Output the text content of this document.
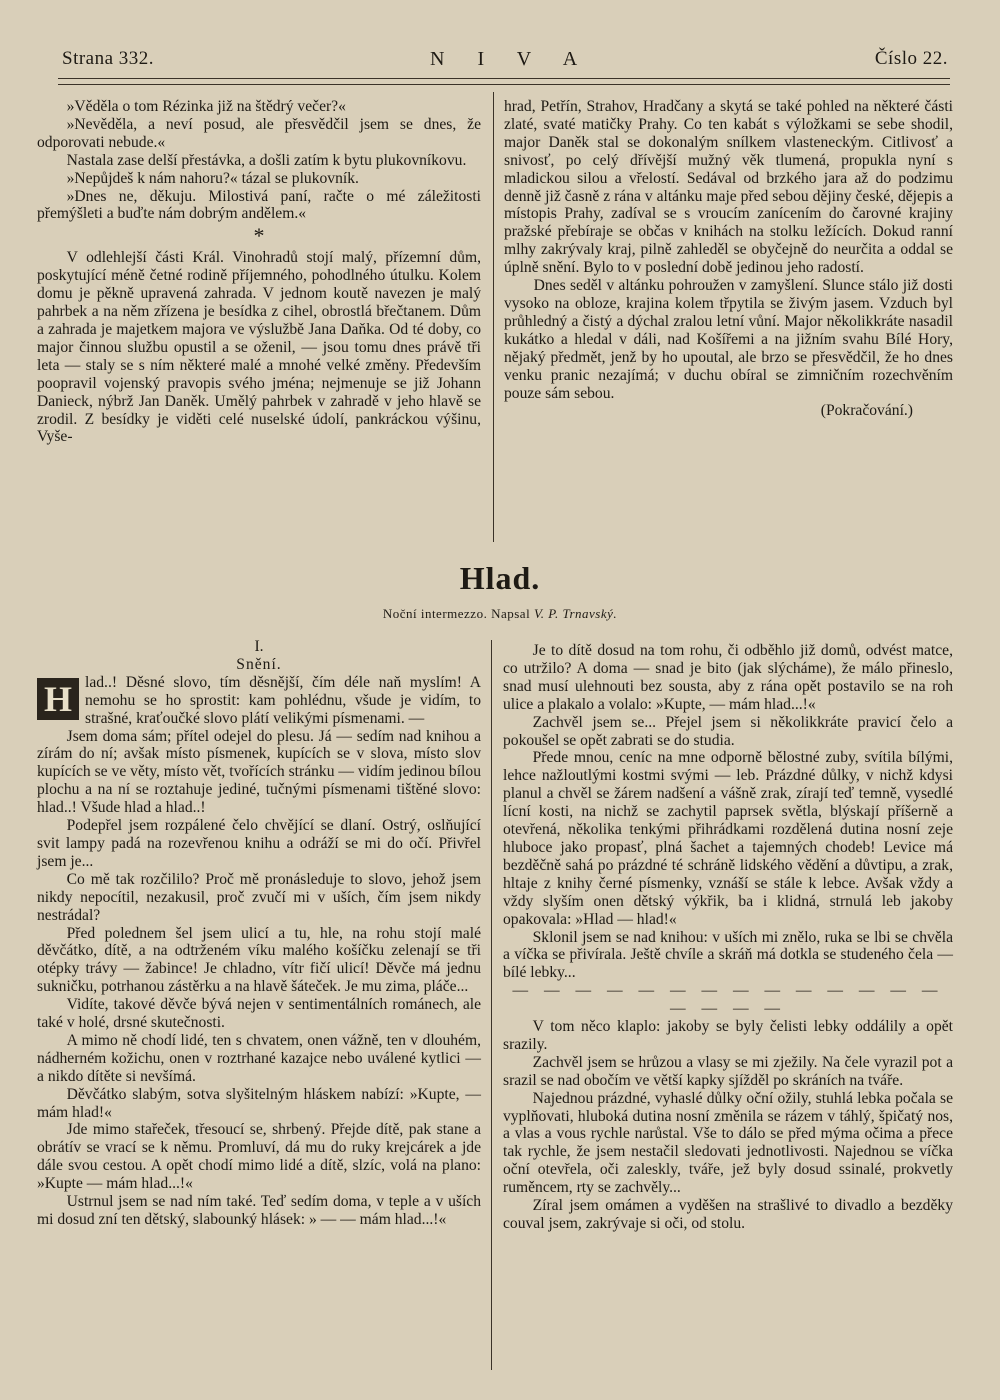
Strana 332.	N I V A	Číslo 22.

»Věděla o tom Rézinka již na štědrý večer?«

»Nevěděla, a neví posud, ale přesvědčil jsem se dnes, že odporovati nebude.«

Nastala zase delší přestávka, a došli zatím k bytu plukovníkovu.

»Nepůjdeš k nám nahoru?« tázal se plukovník.

»Dnes ne, děkuju. Milostivá paní, račte o mé záležitosti přemýšleti a buďte nám dobrým andělem.«

*

V odlehlejší části Král. Vinohradů stojí malý, přízemní dům, poskytující méně četné rodině příjemného, pohodlného útulku. Kolem domu je pěkně upravená zahrada. V jednom koutě navezen je malý pahrbek a na něm zřízena je besídka z cihel, obrostlá břečtanem. Dům a zahrada je majetkem majora ve výslužbě Jana Daňka. Od té doby, co major činnou službu opustil a se oženil, — jsou tomu dnes právě tři leta — staly se s ním některé malé a mnohé velké změny. Především poopravil vojenský pravopis svého jména; nejmenuje se již Johann Danieck, nýbrž Jan Daněk. Umělý pahrbek v zahradě v jeho hlavě se zrodil. Z besídky je viděti celé nuselské údolí, pankráckou výšinu, Vyše-

hrad, Petřín, Strahov, Hradčany a skytá se také pohled na některé části zlaté, svaté matičky Prahy. Co ten kabát s výložkami se sebe shodil, major Daněk stal se dokonalým snílkem vlasteneckým. Citlivosť a snivosť, po celý dřívější mužný věk tlumená, propukla nyní s mladickou silou a vřelostí. Sedával od brzkého jara až do podzimu denně již časně z rána v altánku maje před sebou dějiny české, dějepis a místopis Prahy, zadíval se s vroucím zanícením do čarovné krajiny pražské přebíraje se občas v knihách na stolku ležících. Dokud ranní mlhy zakrývaly kraj, pilně zahleděl se obyčejně do neurčita a oddal se úplně snění. Bylo to v poslední době jedinou jeho radostí.

Dnes seděl v altánku pohroužen v zamyšlení. Slunce stálo již dosti vysoko na obloze, krajina kolem třpytila se živým jasem. Vzduch byl průhledný a čistý a dýchal zralou letní vůní. Major několikkráte nasadil kukátko a hledal v dáli, nad Košířemi a na jižním svahu Bílé Hory, nějaký předmět, jenž by ho upoutal, ale brzo se přesvědčil, že ho dnes venku pranic nezajímá; v duchu obíral se zimničním rozechvěním pouze sám sebou.

(Pokračování.)

Hlad.
Noční intermezzo. Napsal V. P. Trnavský.

I.

Snění.

H lad..! Děsné slovo, tím děsnější, čím déle naň myslím! A nemohu se ho sprostit: kam pohlédnu, všude je vidím, to strašné, kraťoučké slovo plátí velikými písmenami. —

Jsem doma sám; přítel odejel do plesu. Já — sedím nad knihou a zírám do ní; avšak místo písmenek, kupících se v slova, místo slov kupících se ve věty, místo vět, tvořících stránku — vidím jedinou bílou plochu a na ní se roztahuje jediné, tučnými písmenami tištěné slovo: hlad..! Všude hlad a hlad..!

Podepřel jsem rozpálené čelo chvějící se dlaní. Ostrý, oslňující svit lampy padá na rozevřenou knihu a odráží se mi do očí. Přivřel jsem je...

Co mě tak rozčililo? Proč mě pronásleduje to slovo, jehož jsem nikdy nepocítil, nezakusil, proč zvučí mi v uších, čím jsem nikdy nestrádal?

Před polednem šel jsem ulicí a tu, hle, na rohu stojí malé děvčátko, dítě, a na odtrženém víku malého košíčku zelenají se tři otépky trávy — žabince! Je chladno, vítr fičí ulicí! Děvče má jednu sukničku, potrhanou zástěrku a na hlavě šáteček. Je mu zima, pláče...

Vidíte, takové děvče bývá nejen v sentimentálních románech, ale také v holé, drsné skutečnosti.

A mimo ně chodí lidé, ten s chvatem, onen vážně, ten v dlouhém, nádherném kožichu, onen v roztrhané kazajce nebo uválené kytlici — a nikdo dítěte si nevšímá.

Děvčátko slabým, sotva slyšitelným hláskem nabízí: »Kupte, — mám hlad!«

Jde mimo stařeček, třesoucí se, shrbený. Přejde dítě, pak stane a obrátív se vrací se k němu. Promluví, dá mu do ruky krejcárek a jde dále svou cestou. A opět chodí mimo lidé a dítě, slzíc, volá na plano: »Kupte — mám hlad...!«

Ustrnul jsem se nad ním také. Teď sedím doma, v teple a v uších mi dosud zní ten dětský, slabounký hlásek: » — — mám hlad...!«

Je to dítě dosud na tom rohu, či odběhlo již domů, odvést matce, co utržilo? A doma — snad je bito (jak slýcháme), že málo přineslo, snad musí ulehnouti bez sousta, aby z rána opět postavilo se na roh ulice a plakalo a volalo: »Kupte, — mám hlad...!«

Zachvěl jsem se... Přejel jsem si několikkráte pravicí čelo a pokoušel se opět zabrati se do studia.

Přede mnou, ceníc na mne odporně bělostné zuby, svítila bílými, lehce nažloutlými kostmi svými — leb. Prázdné důlky, v nichž kdysi planul a chvěl se žárem nadšení a vášně zrak, zírají teď temně, vysedlé lícní kosti, na nichž se zachytil paprsek světla, blýskají příšerně a otevřená, několika tenkými přihrádkami rozdělená dutina nosní zeje hluboce jako propasť, plná šachet a tajemných chodeb! Levice má bezděčně sahá po prázdné té schráně lidského vědění a důvtipu, a zrak, hltaje z knihy černé písmenky, vznáší se stále k lebce. Avšak vždy a vždy slyším onen dětský výkřik, ba i klidná, strnulá leb jakoby opakovala: »Hlad — hlad!«

Sklonil jsem se nad knihou: v uších mi znělo, ruka se lbi se chvěla a víčka se přivírala. Ještě chvíle a skráň má dotkla se studeného čela — bílé lebky...

— — — — — — — — — — — — — — — — — —

V tom něco klaplo: jakoby se byly čelisti lebky oddálily a opět srazily.

Zachvěl jsem se hrůzou a vlasy se mi zježily. Na čele vyrazil pot a srazil se nad obočím ve větší kapky sjížděl po skráních na tváře.

Najednou prázdné, vyhaslé důlky oční ožily, stuhlá lebka počala se vyplňovati, hluboká dutina nosní změnila se rázem v táhlý, špičatý nos, a vlas a vous rychle narůstal. Vše to dálo se před mýma očima a přece tak rychle, že jsem nestačil sledovati jednotlivosti. Najednou se víčka oční otevřela, oči zaleskly, tváře, jež byly dosud ssinalé, prokvetly ruměncem, rty se zachvěly...

Zíral jsem omámen a vyděšen na strašlivé to divadlo a bezděky couval jsem, zakrývaje si oči, od stolu.
